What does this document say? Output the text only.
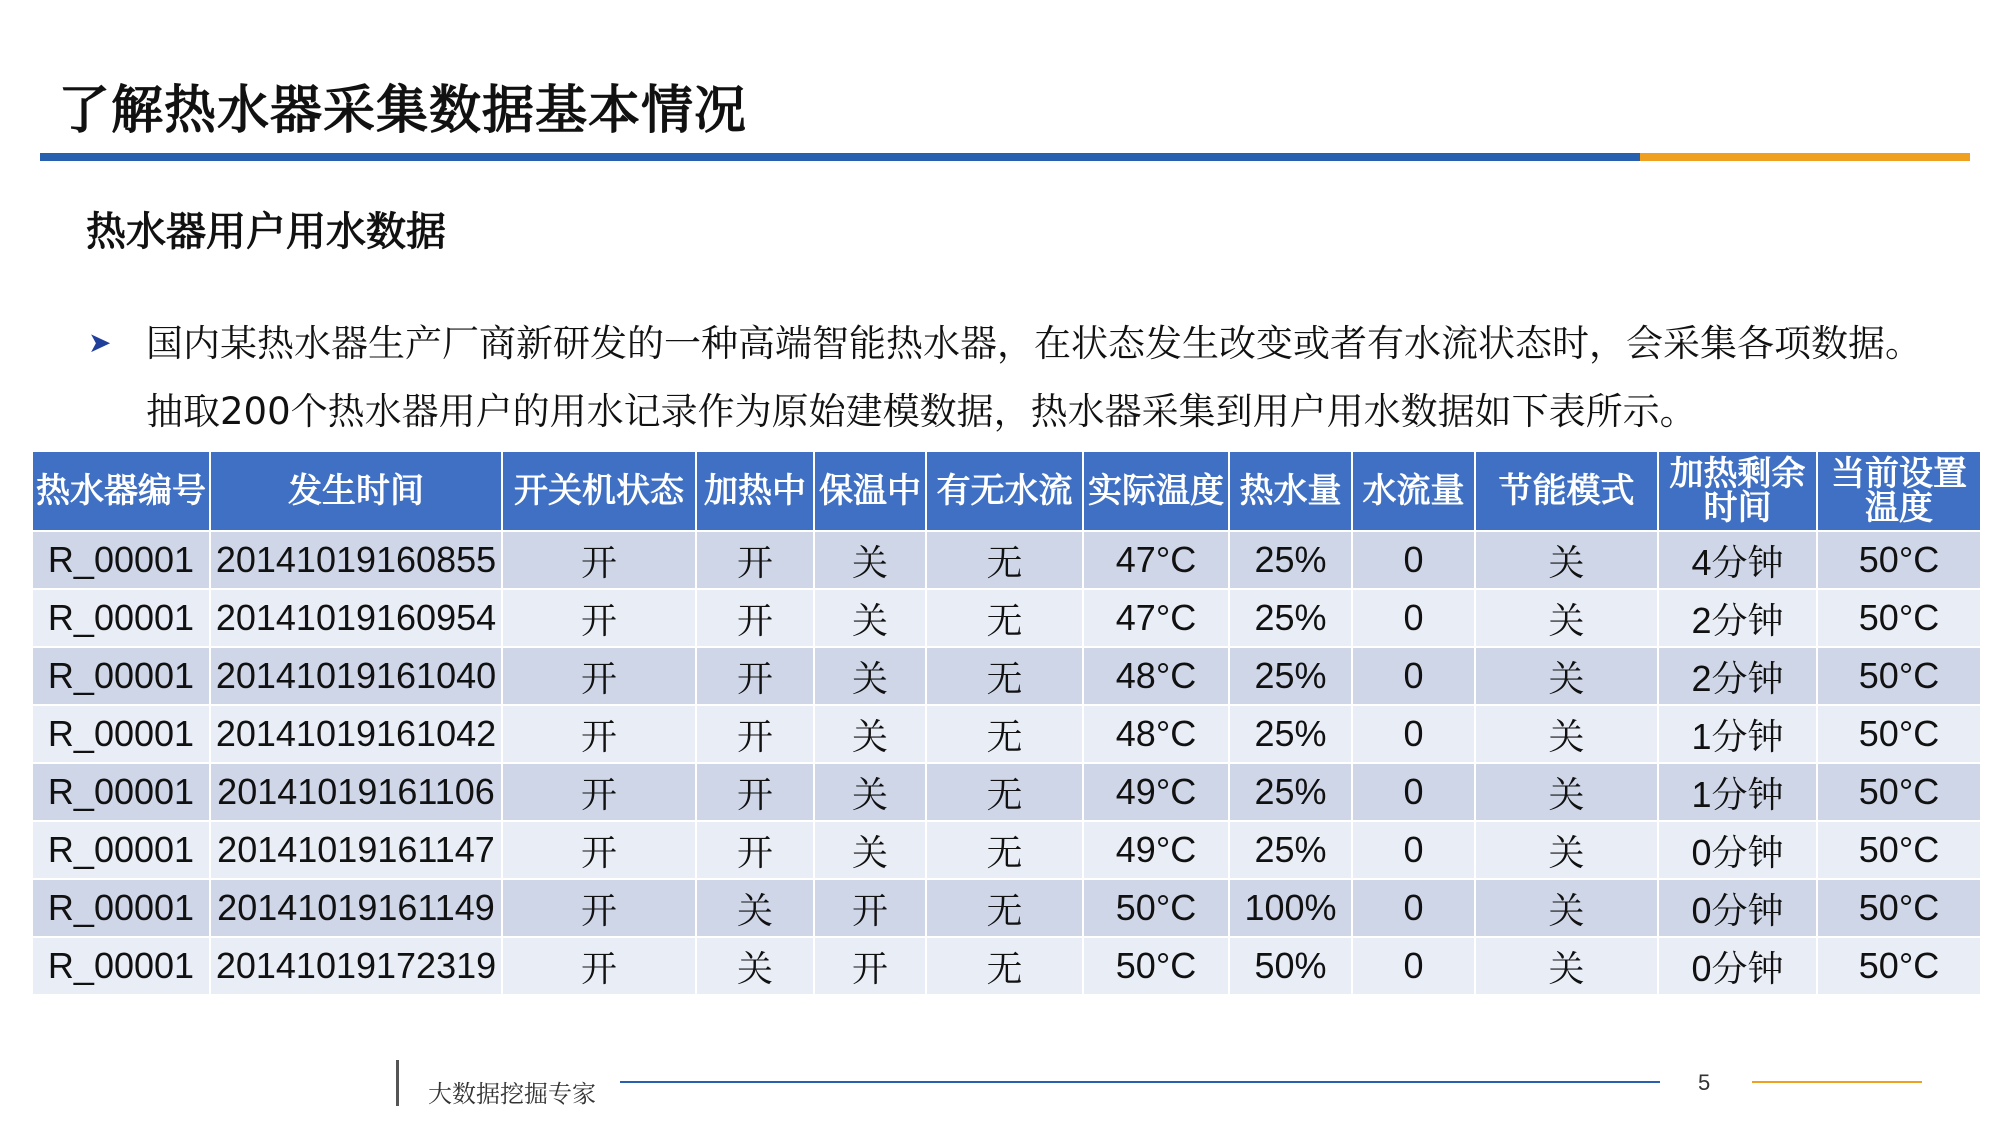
了解热水器采集数据基本情况
热水器用户用水数据
➤ 国内某热水器生产厂商新研发的一种高端智能热水器，在状态发生改变或者有水流状态时，会采集各项数据。抽取200个热水器用户的用水记录作为原始建模数据，热水器采集到用户用水数据如下表所示。
热水器编号	发生时间	开关机状态	加热中	保温中	有无水流	实际温度	热水量	水流量	节能模式	加热剩余时间	当前设置温度
R_00001	20141019160855	开	开	关	无	47°C	25%	0	关	4分钟	50°C
R_00001	20141019160954	开	开	关	无	47°C	25%	0	关	2分钟	50°C
R_00001	20141019161040	开	开	关	无	48°C	25%	0	关	2分钟	50°C
R_00001	20141019161042	开	开	关	无	48°C	25%	0	关	1分钟	50°C
R_00001	20141019161106	开	开	关	无	49°C	25%	0	关	1分钟	50°C
R_00001	20141019161147	开	开	关	无	49°C	25%	0	关	0分钟	50°C
R_00001	20141019161149	开	关	开	无	50°C	100%	0	关	0分钟	50°C
R_00001	20141019172319	开	关	开	无	50°C	50%	0	关	0分钟	50°C
大数据挖掘专家	5
